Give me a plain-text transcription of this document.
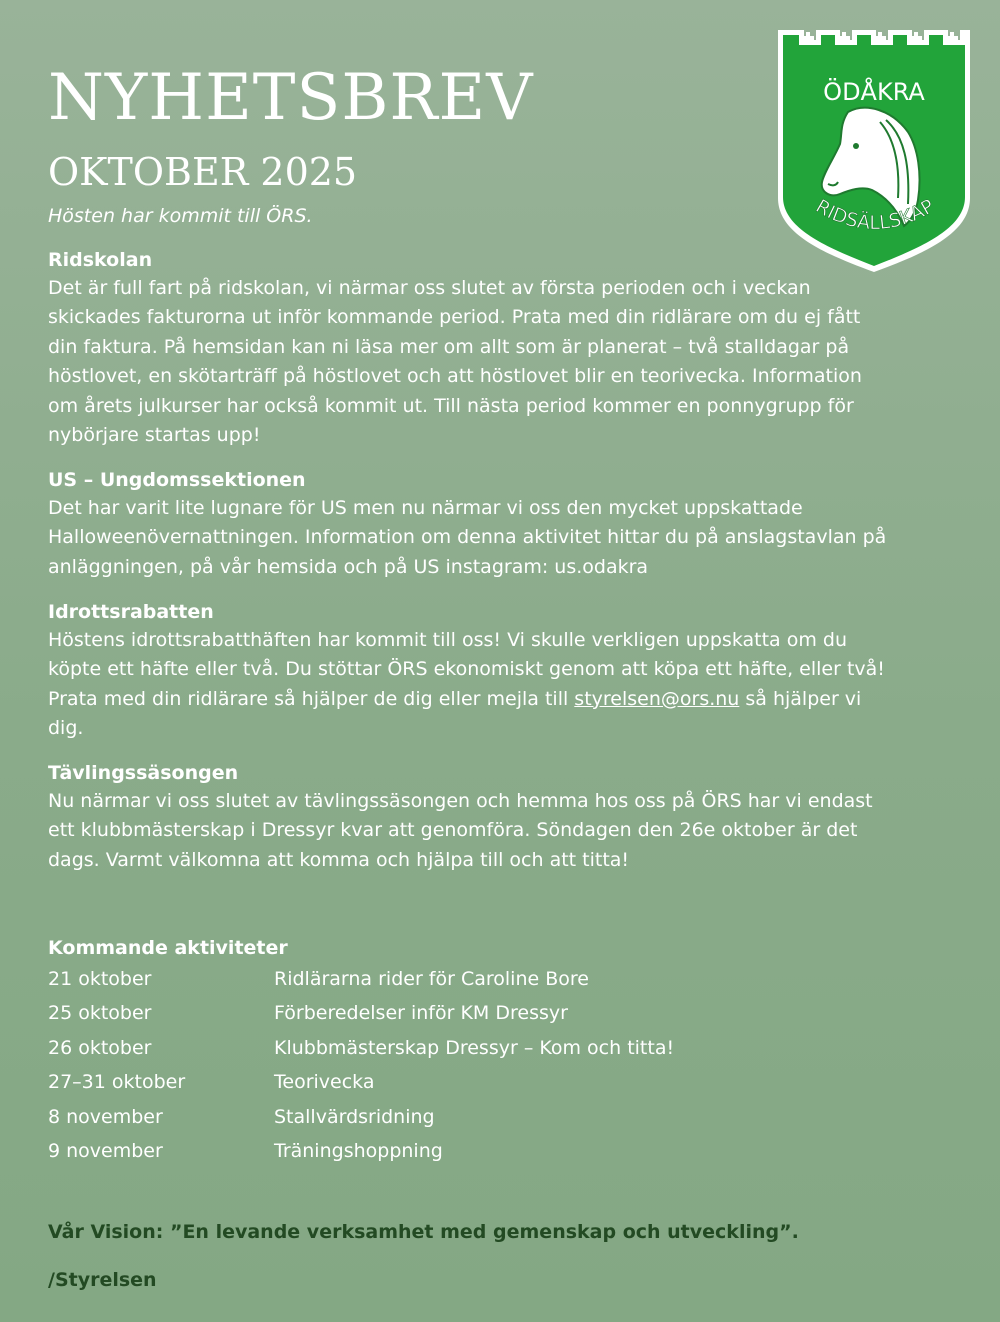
NYHETSBREV
OKTOBER 2025

Hösten har kommit till ÖRS.

Ridskolan

Det är full fart på ridskolan, vi närmar oss slutet av första perioden och i veckan
skickades fakturorna ut inför kommande period. Prata med din ridlärare om du ej fått
din faktura. På hemsidan kan ni läsa mer om allt som är planerat – två stalldagar på
höstlovet, en skötarträff på höstlovet och att höstlovet blir en teorivecka. Information
om årets julkurser har också kommit ut. Till nästa period kommer en ponnygrupp för
nybörjare startas upp!

US – Ungdomssektionen

Det har varit lite lugnare för US men nu närmar vi oss den mycket uppskattade
Halloweenövernattningen. Information om denna aktivitet hittar du på anslagstavlan på
anläggningen, på vår hemsida och på US instagram: us.odakra

Idrottsrabatten

Höstens idrottsrabatthäften har kommit till oss! Vi skulle verkligen uppskatta om du
köpte ett häfte eller två. Du stöttar ÖRS ekonomiskt genom att köpa ett häfte, eller två!
Prata med din ridlärare så hjälper de dig eller mejla till styrelsen@ors.nu så hjälper vi
dig.

Tävlingssäsongen

Nu närmar vi oss slutet av tävlingssäsongen och hemma hos oss på ÖRS har vi endast
ett klubbmästerskap i Dressyr kvar att genomföra. Söndagen den 26e oktober är det
dags. Varmt välkomna att komma och hjälpa till och att titta!

Kommande aktiviteter
21 oktober	Ridlärarna rider för Caroline Bore
25 oktober	Förberedelser inför KM Dressyr
26 oktober	Klubbmästerskap Dressyr – Kom och titta!
27–31 oktober	Teorivecka
8 november	Stallvärdsridning
9 november	Träningshoppning

Vår Vision: ”En levande verksamhet med gemenskap och utveckling”.

/Styrelsen

ÖDÅKRA
RIDSÄLLSKAP
